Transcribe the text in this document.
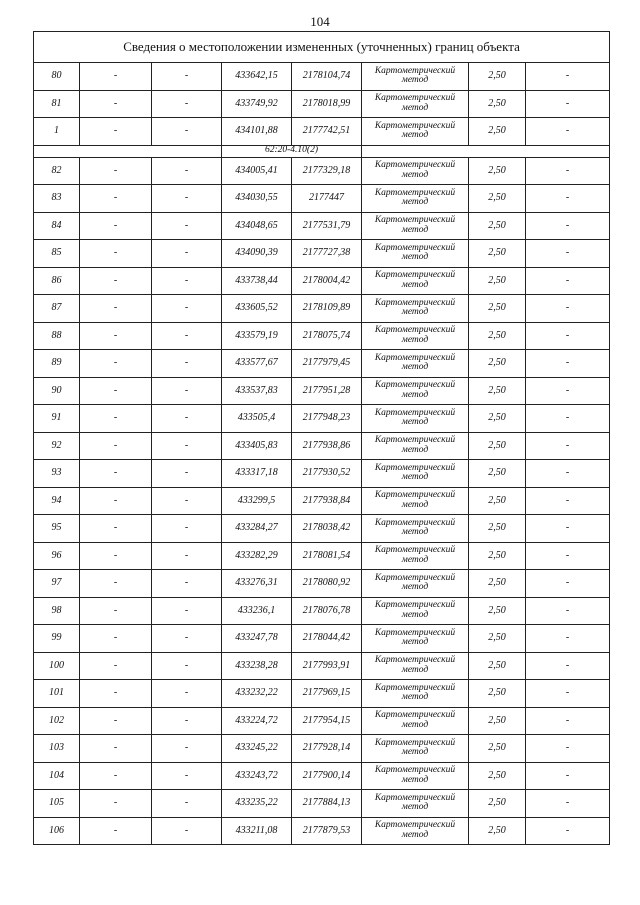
104
Сведения о местоположении измененных (уточненных) границ объекта							
80	-	-	433642,15	2178104,74	Картометрический метод	2,50	-
81	-	-	433749,92	2178018,99	Картометрический метод	2,50	-
1	-	-	434101,88	2177742,51	Картометрический метод	2,50	-
			62:20-4.10(2)				
82	-	-	434005,41	2177329,18	Картометрический метод	2,50	-
83	-	-	434030,55	2177447	Картометрический метод	2,50	-
84	-	-	434048,65	2177531,79	Картометрический метод	2,50	-
85	-	-	434090,39	2177727,38	Картометрический метод	2,50	-
86	-	-	433738,44	2178004,42	Картометрический метод	2,50	-
87	-	-	433605,52	2178109,89	Картометрический метод	2,50	-
88	-	-	433579,19	2178075,74	Картометрический метод	2,50	-
89	-	-	433577,67	2177979,45	Картометрический метод	2,50	-
90	-	-	433537,83	2177951,28	Картометрический метод	2,50	-
91	-	-	433505,4	2177948,23	Картометрический метод	2,50	-
92	-	-	433405,83	2177938,86	Картометрический метод	2,50	-
93	-	-	433317,18	2177930,52	Картометрический метод	2,50	-
94	-	-	433299,5	2177938,84	Картометрический метод	2,50	-
95	-	-	433284,27	2178038,42	Картометрический метод	2,50	-
96	-	-	433282,29	2178081,54	Картометрический метод	2,50	-
97	-	-	433276,31	2178080,92	Картометрический метод	2,50	-
98	-	-	433236,1	2178076,78	Картометрический метод	2,50	-
99	-	-	433247,78	2178044,42	Картометрический метод	2,50	-
100	-	-	433238,28	2177993,91	Картометрический метод	2,50	-
101	-	-	433232,22	2177969,15	Картометрический метод	2,50	-
102	-	-	433224,72	2177954,15	Картометрический метод	2,50	-
103	-	-	433245,22	2177928,14	Картометрический метод	2,50	-
104	-	-	433243,72	2177900,14	Картометрический метод	2,50	-
105	-	-	433235,22	2177884,13	Картометрический метод	2,50	-
106	-	-	433211,08	2177879,53	Картометрический метод	2,50	-
